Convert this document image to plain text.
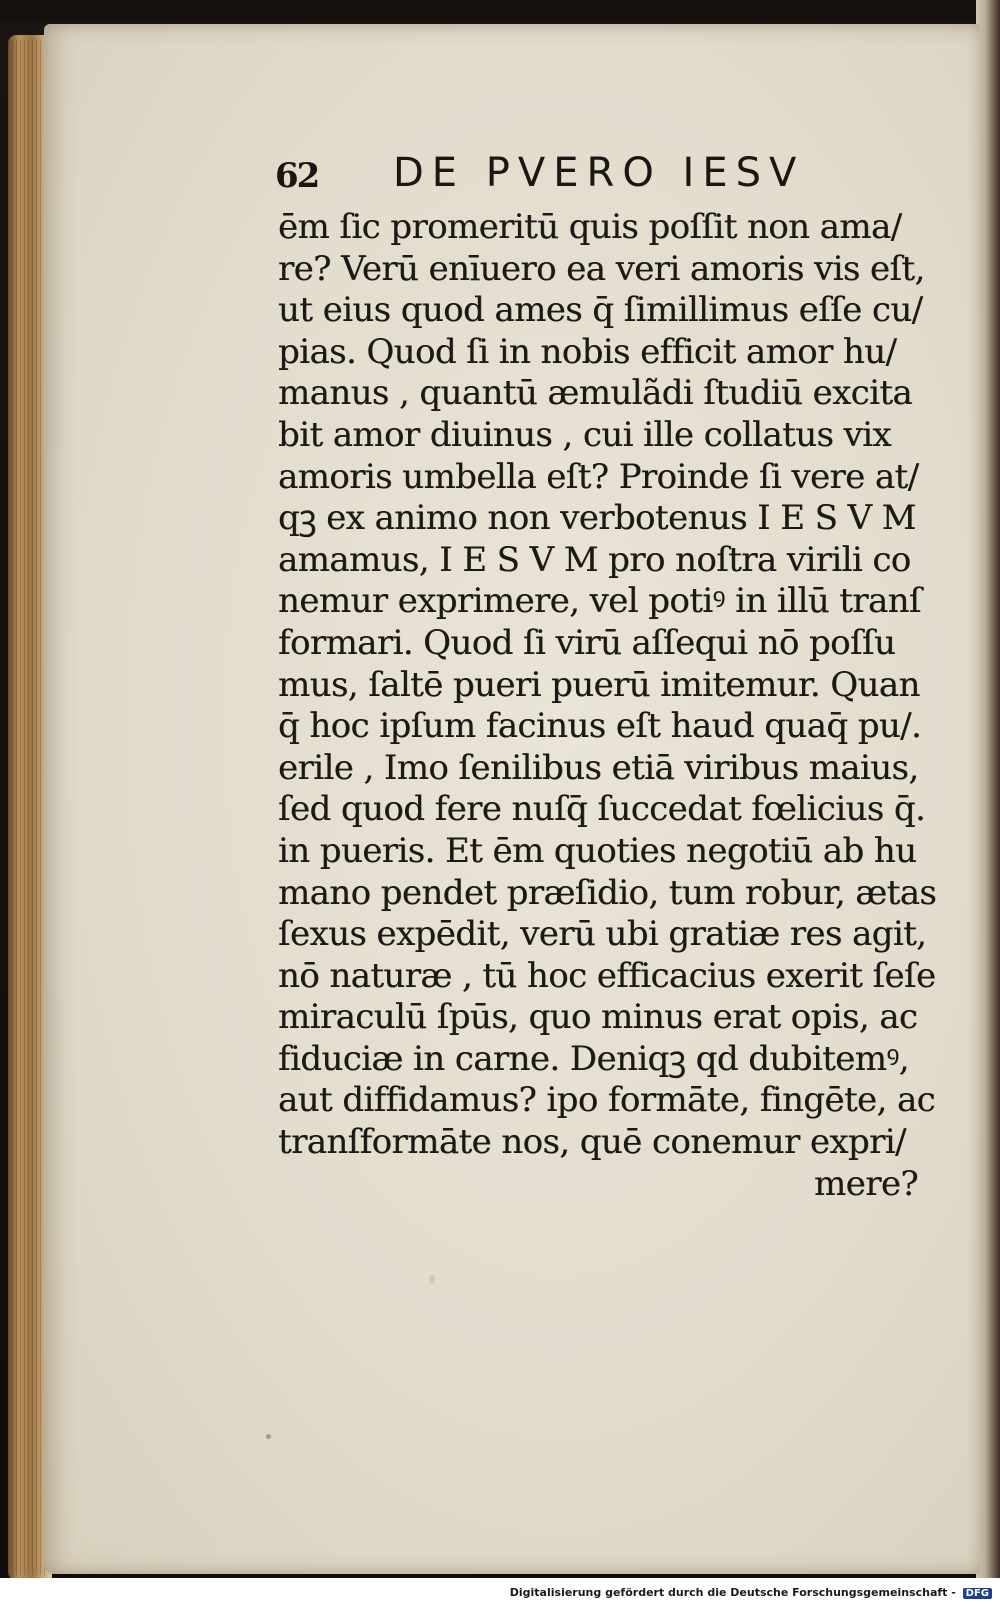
62 DE PVERO IESV
ēm ſic promeritū quis poſſit non ama/
re? Verū enīuero ea veri amoris vis eſt,
ut eius quod ames q̄ ſimillimus eſſe cu/
pias. Quod ſi in nobis efficit amor hu/
manus , quantū æmulãdi ſtudiū excita
bit amor diuinus , cui ille collatus vix
amoris umbella eſt? Proinde ſi vere at/
qꝫ ex animo non verbotenus I E S V M
amamus, I E S V M pro noſtra virili co
nemur exprimere, vel potiꝰ in illū tranſ
formari. Quod ſi virū aſſequi nō poſſu
mus, ſaltē pueri puerū imitemur. Quan
q̄ hoc ipſum facinus eſt haud quaq̄ pu/.
erile , Imo ſenilibus etiā viribus maius,
ſed quod fere nuſq̄ ſuccedat fœlicius q̄.
in pueris. Et ēm quoties negotiū ab hu
mano pendet præſidio, tum robur, ætas
ſexus expēdit, verū ubi gratiæ res agit,
nō naturæ , tū hoc efficacius exerit ſeſe
miraculū ſpūs, quo minus erat opis, ac
fiduciæ in carne. Deniqꝫ qd dubitemꝰ,
aut diffidamus? ipo formāte, fingēte, ac
tranſformāte nos, quē conemur expri/
mere?
Digitalisierung gefördert durch die Deutsche Forschungsgemeinschaft - DFG
